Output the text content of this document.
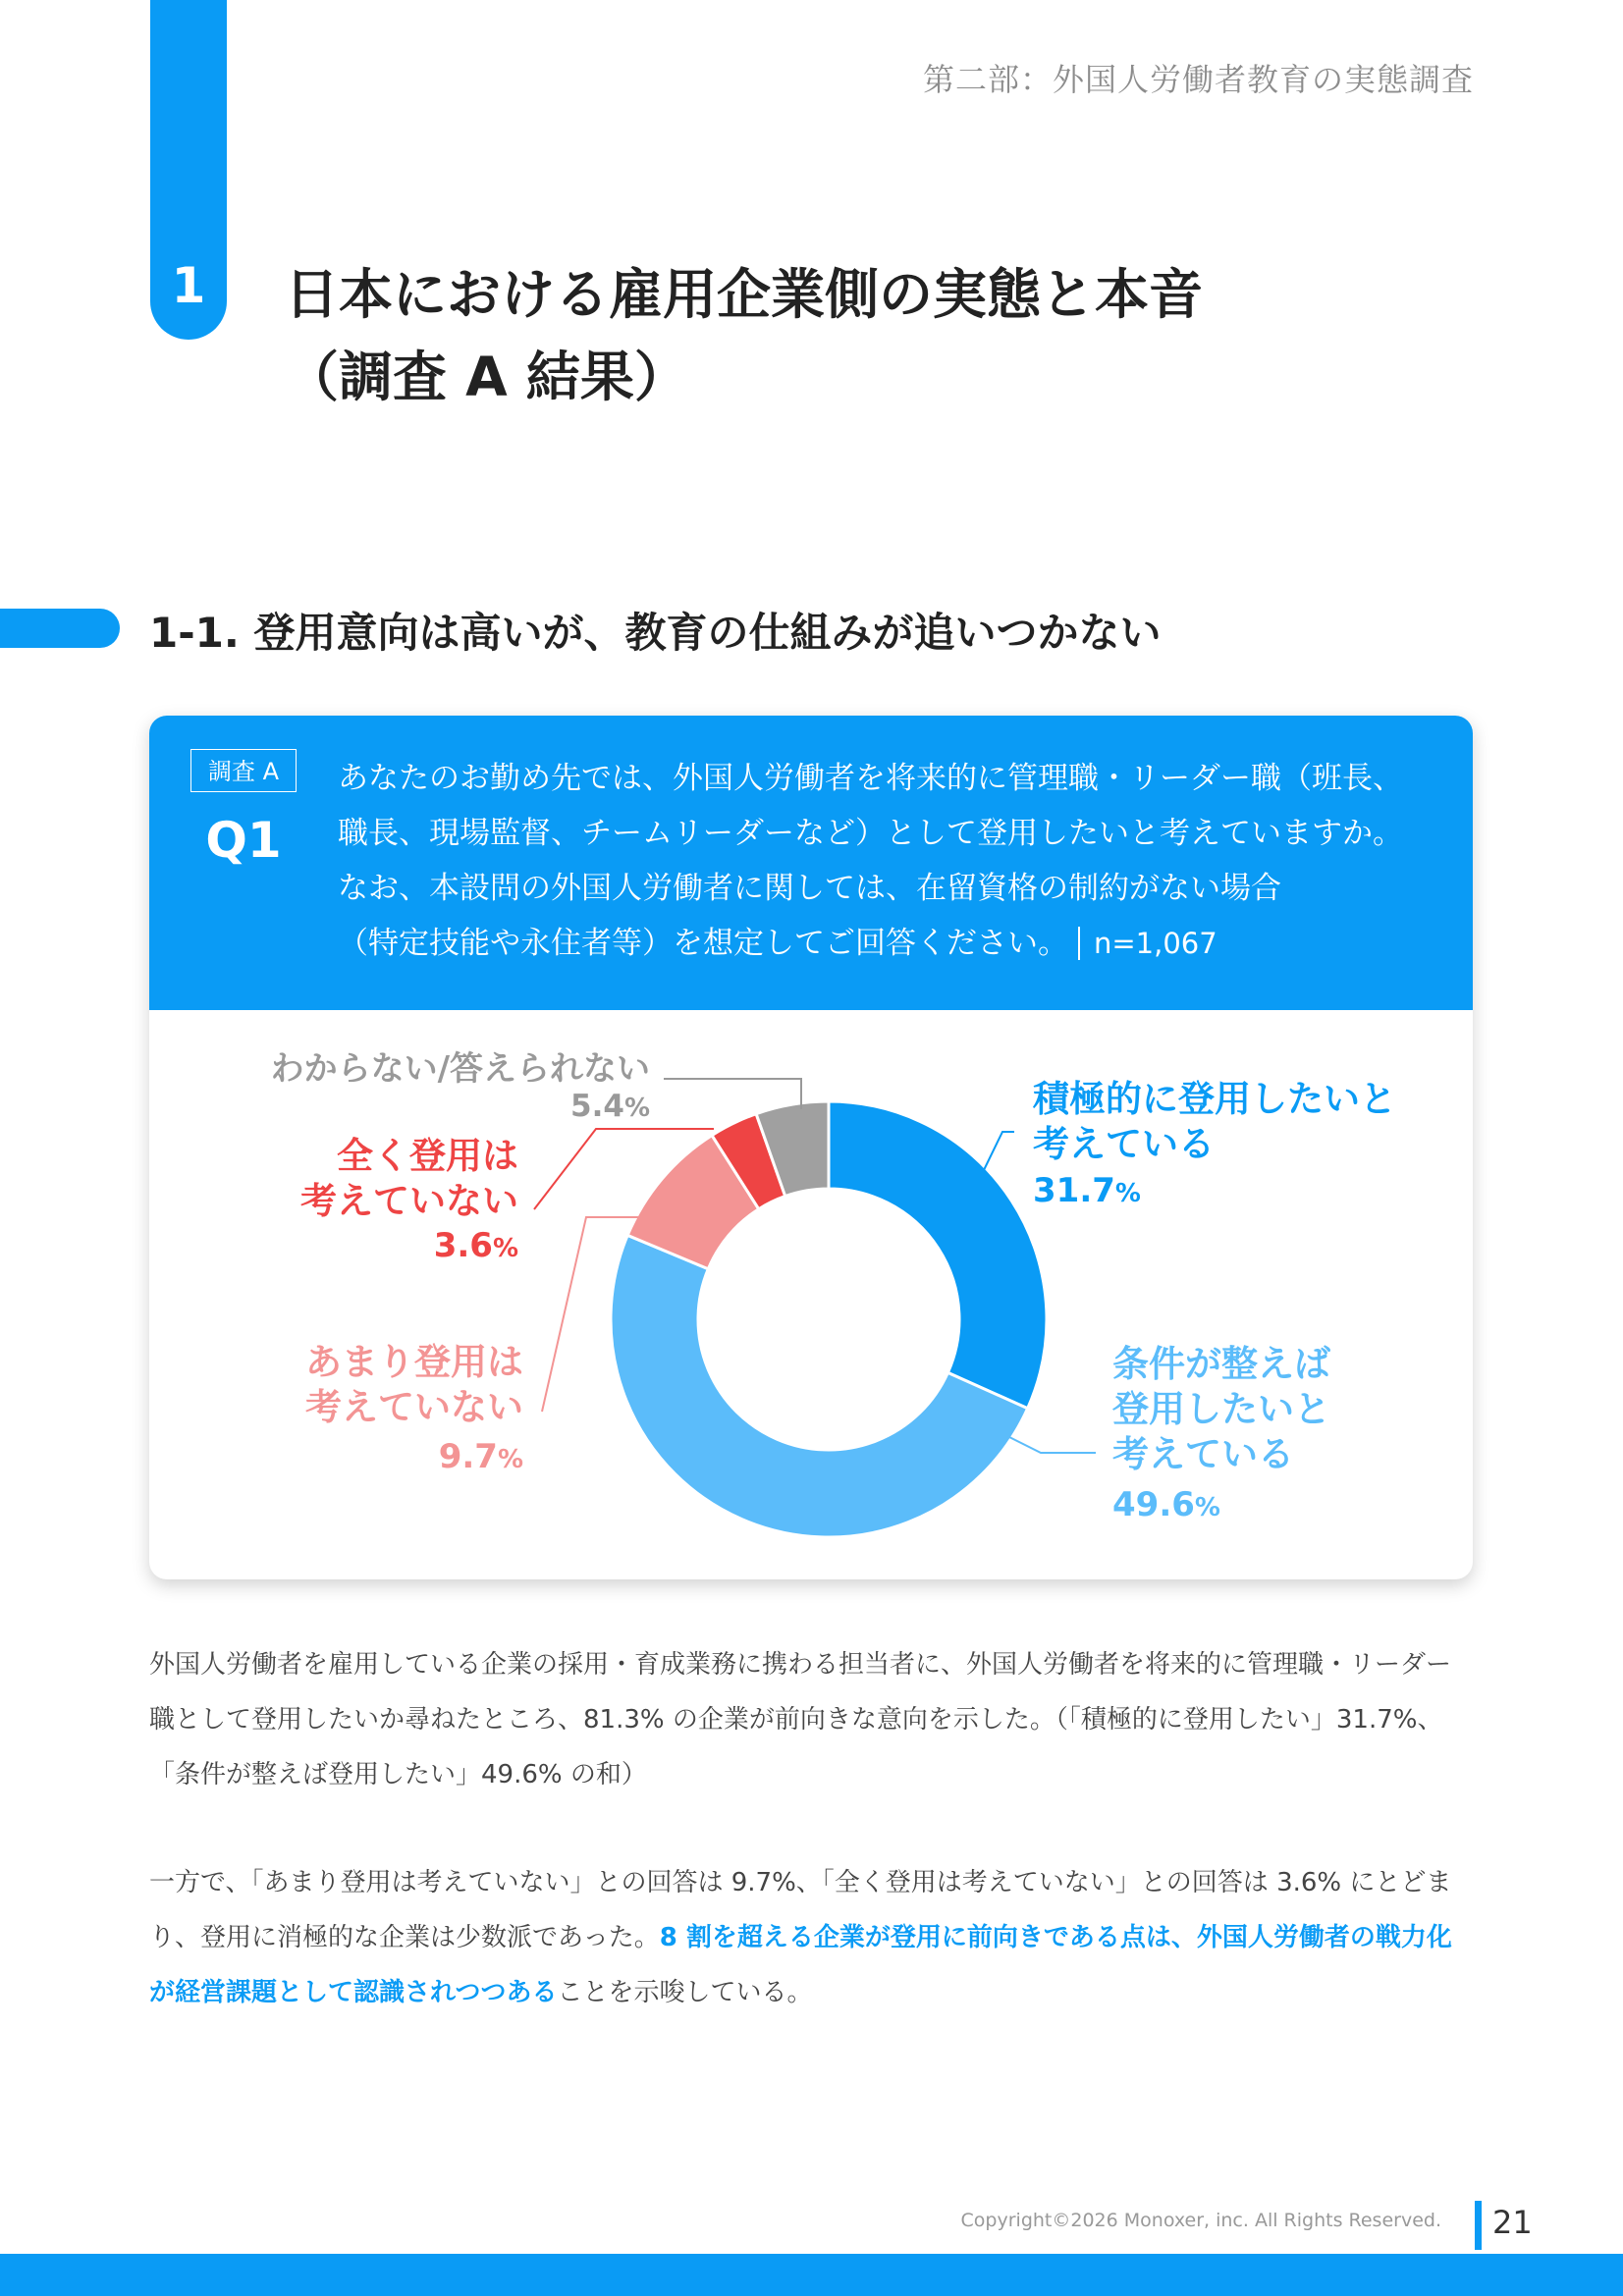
1
第二部：外国人労働者教育の実態調査
日本における雇用企業側の実態と本音
（調査 A 結果）
1-1. 登用意向は高いが、教育の仕組みが追いつかない
調査 A
Q1
あなたのお勤め先では、外国人労働者を将来的に管理職・リーダー職（班長、
職長、現場監督、チームリーダーなど）として登用したいと考えていますか。
なお、本設問の外国人労働者に関しては、在留資格の制約がない場合
（特定技能や永住者等）を想定してご回答ください。 n=1,067
積極的に登用したいと
考えている
31.7%
条件が整えば
登用したいと
考えている
49.6%
あまり登用は
考えていない
9.7%
全く登用は
考えていない
3.6%
わからない/答えられない
5.4%
外国人労働者を雇用している企業の採用・育成業務に携わる担当者に、外国人労働者を将来的に管理職・リーダー職として登用したいか尋ねたところ、81.3% の企業が前向きな意向を示した。（「積極的に登用したい」31.7%、「条件が整えば登用したい」49.6% の和）
一方で、「あまり登用は考えていない」との回答は 9.7%、「全く登用は考えていない」との回答は 3.6% にとどまり、登用に消極的な企業は少数派であった。8 割を超える企業が登用に前向きである点は、外国人労働者の戦力化が経営課題として認識されつつあることを示唆している。
Copyright©2026 Monoxer, inc. All Rights Reserved. 21
